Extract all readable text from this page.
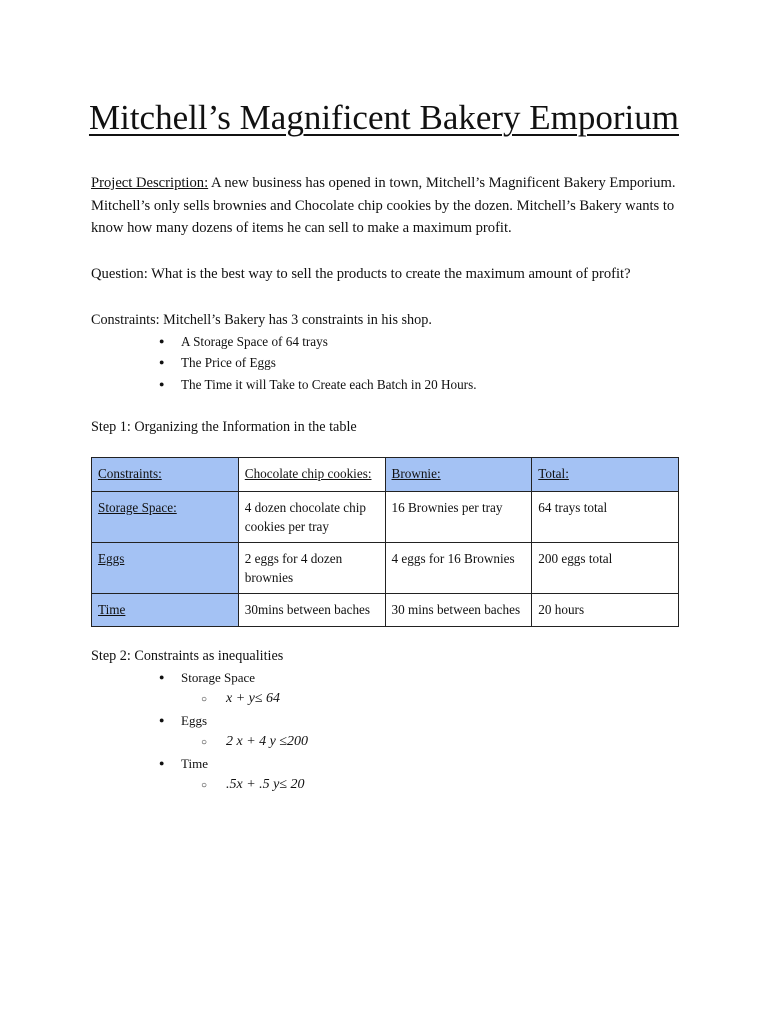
Mitchell’s Magnificent Bakery Emporium

Project Description: A new business has opened in town, Mitchell’s Magnificent Bakery Emporium. Mitchell’s only sells brownies and Chocolate chip cookies by the dozen. Mitchell’s Bakery wants to know how many dozens of items he can sell to make a maximum profit.

Question: What is the best way to sell the products to create the maximum amount of profit?

Constraints: Mitchell’s Bakery has 3 constraints in his shop.

● A Storage Space of 64 trays
● The Price of Eggs
● The Time it will Take to Create each Batch in 20 Hours.

Step 1: Organizing the Information in the table

Constraints:	Chocolate chip cookies:	Brownie:	Total:
Storage Space:	4 dozen chocolate chip cookies per tray	16 Brownies per tray	64 trays total
Eggs	2 eggs for 4 dozen brownies	4 eggs for 16 Brownies	200 eggs total
Time	30mins between baches	30 mins between baches	20 hours

Step 2: Constraints as inequalities

● Storage Space
○ x + y≤ 64
● Eggs
○ 2 x + 4 y ≤200
● Time
○ .5x + .5 y≤ 20
